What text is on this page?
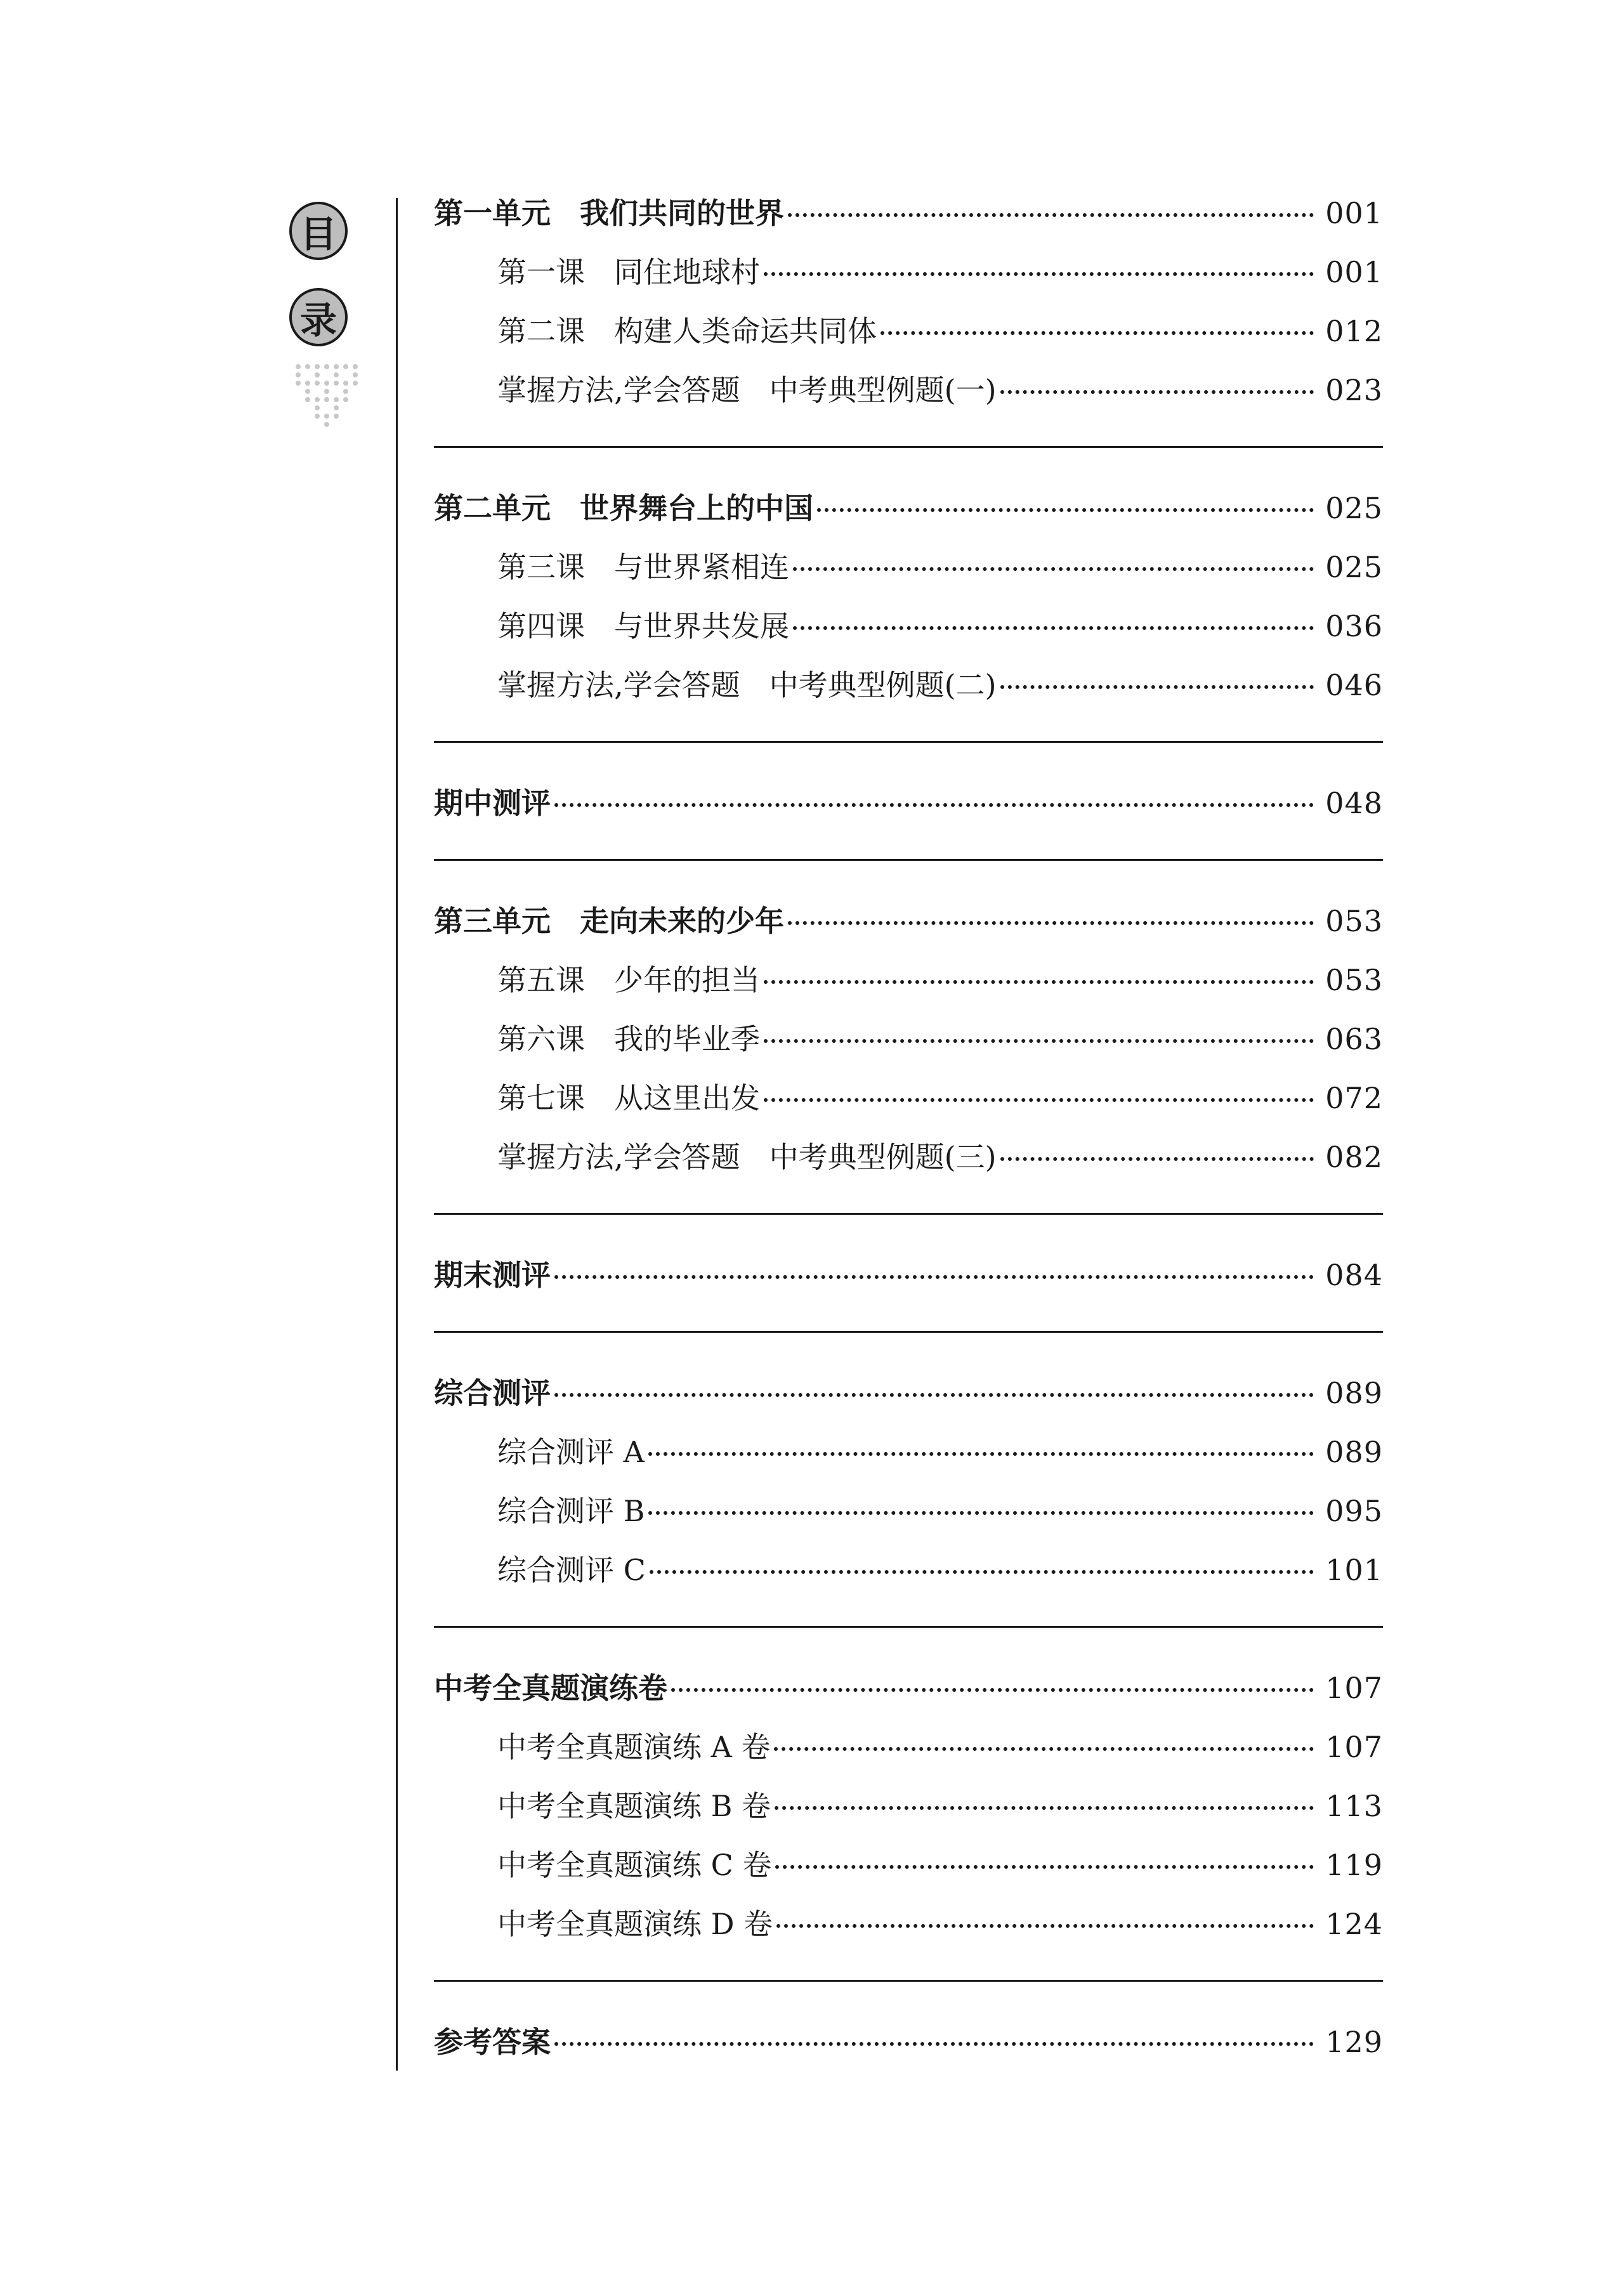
目
录
第一单元　我们共同的世界	001
第一课　同住地球村	001
第二课　构建人类命运共同体	012
掌握方法,学会答题　中考典型例题(一)	023
第二单元　世界舞台上的中国	025
第三课　与世界紧相连	025
第四课　与世界共发展	036
掌握方法,学会答题　中考典型例题(二)	046
期中测评	048
第三单元　走向未来的少年	053
第五课　少年的担当	053
第六课　我的毕业季	063
第七课　从这里出发	072
掌握方法,学会答题　中考典型例题(三)	082
期末测评	084
综合测评	089
综合测评 A	089
综合测评 B	095
综合测评 C	101
中考全真题演练卷	107
中考全真题演练 A 卷	107
中考全真题演练 B 卷	113
中考全真题演练 C 卷	119
中考全真题演练 D 卷	124
参考答案	129
